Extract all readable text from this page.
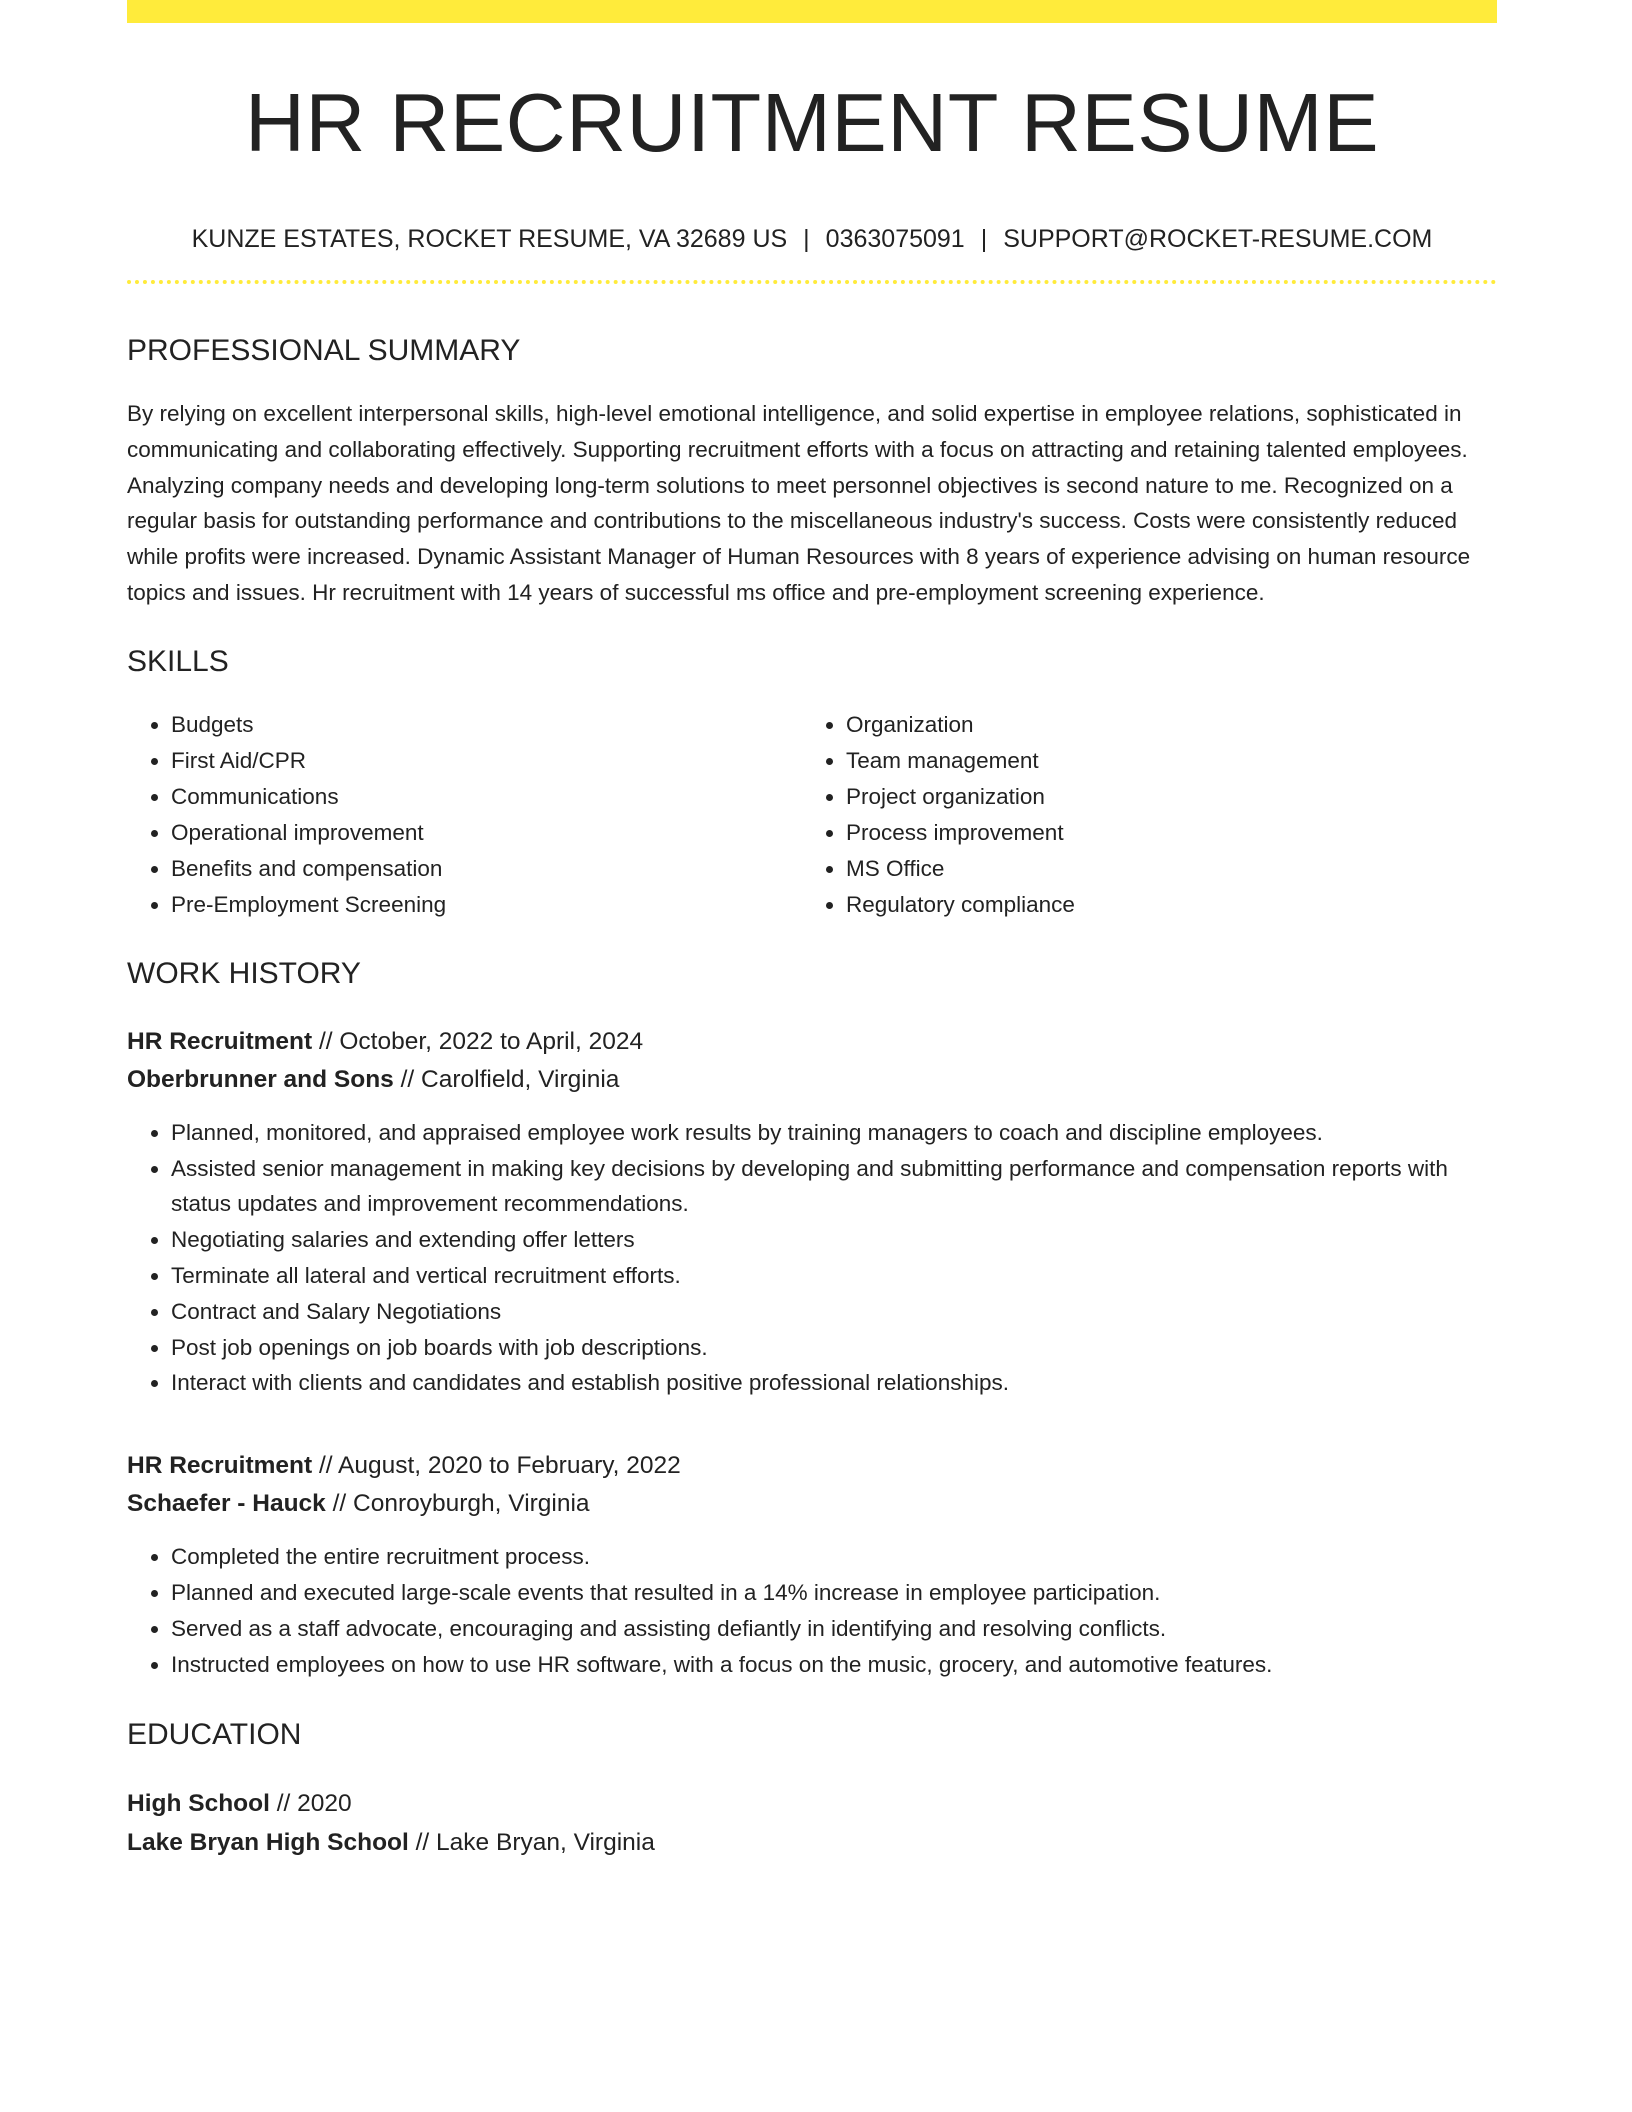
HR RECRUITMENT RESUME
KUNZE ESTATES, ROCKET RESUME, VA 32689 US | 0363075091 | SUPPORT@ROCKET-RESUME.COM
PROFESSIONAL SUMMARY
By relying on excellent interpersonal skills, high-level emotional intelligence, and solid expertise in employee relations, sophisticated in communicating and collaborating effectively. Supporting recruitment efforts with a focus on attracting and retaining talented employees. Analyzing company needs and developing long-term solutions to meet personnel objectives is second nature to me. Recognized on a regular basis for outstanding performance and contributions to the miscellaneous industry's success. Costs were consistently reduced while profits were increased. Dynamic Assistant Manager of Human Resources with 8 years of experience advising on human resource topics and issues. Hr recruitment with 14 years of successful ms office and pre-employment screening experience.
SKILLS
• Budgets
• First Aid/CPR
• Communications
• Operational improvement
• Benefits and compensation
• Pre-Employment Screening
• Organization
• Team management
• Project organization
• Process improvement
• MS Office
• Regulatory compliance
WORK HISTORY
HR Recruitment // October, 2022 to April, 2024
Oberbrunner and Sons // Carolfield, Virginia
• Planned, monitored, and appraised employee work results by training managers to coach and discipline employees.
• Assisted senior management in making key decisions by developing and submitting performance and compensation reports with status updates and improvement recommendations.
• Negotiating salaries and extending offer letters
• Terminate all lateral and vertical recruitment efforts.
• Contract and Salary Negotiations
• Post job openings on job boards with job descriptions.
• Interact with clients and candidates and establish positive professional relationships.
HR Recruitment // August, 2020 to February, 2022
Schaefer - Hauck // Conroyburgh, Virginia
• Completed the entire recruitment process.
• Planned and executed large-scale events that resulted in a 14% increase in employee participation.
• Served as a staff advocate, encouraging and assisting defiantly in identifying and resolving conflicts.
• Instructed employees on how to use HR software, with a focus on the music, grocery, and automotive features.
EDUCATION
High School // 2020
Lake Bryan High School // Lake Bryan, Virginia
